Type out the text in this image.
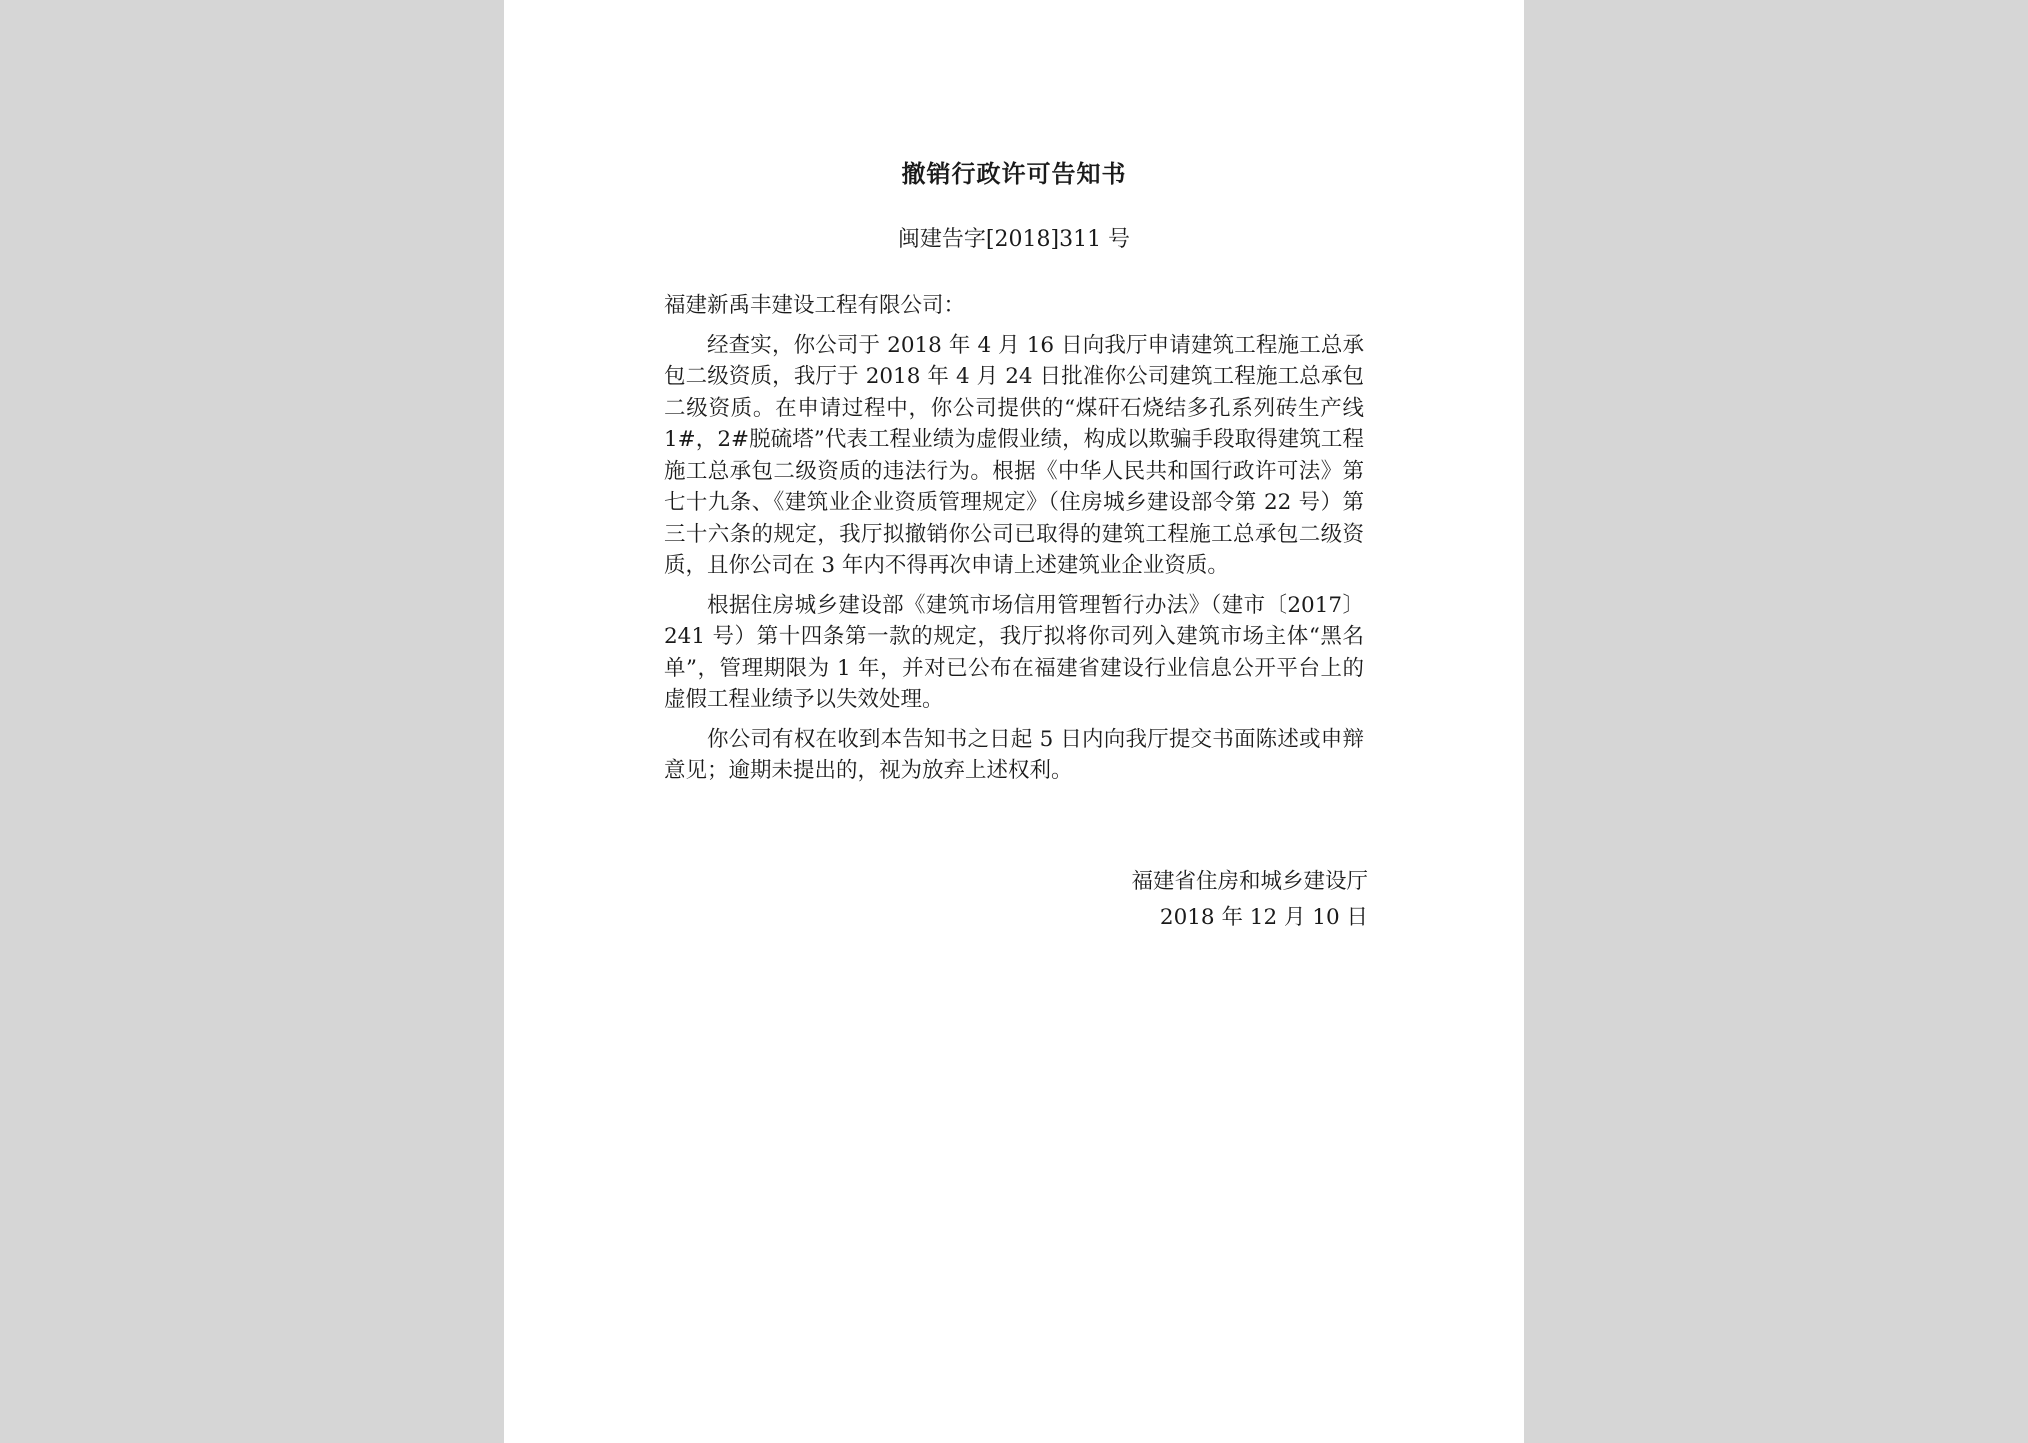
撤销行政许可告知书
闽建告字[2018]311 号

福建新禹丰建设工程有限公司：

经查实，你公司于 2018 年 4 月 16 日向我厅申请建筑工程施工总承包二级资质，我厅于 2018 年 4 月 24 日批准你公司建筑工程施工总承包二级资质。在申请过程中，你公司提供的“煤矸石烧结多孔系列砖生产线 1#，2#脱硫塔”代表工程业绩为虚假业绩，构成以欺骗手段取得建筑工程施工总承包二级资质的违法行为。根据《中华人民共和国行政许可法》第七十九条、《建筑业企业资质管理规定》（住房城乡建设部令第 22 号）第三十六条的规定，我厅拟撤销你公司已取得的建筑工程施工总承包二级资质，且你公司在 3 年内不得再次申请上述建筑业企业资质。

根据住房城乡建设部《建筑市场信用管理暂行办法》（建市〔2017〕241 号）第十四条第一款的规定，我厅拟将你司列入建筑市场主体“黑名单”，管理期限为 1 年，并对已公布在福建省建设行业信息公开平台上的虚假工程业绩予以失效处理。

你公司有权在收到本告知书之日起 5 日内向我厅提交书面陈述或申辩意见；逾期未提出的，视为放弃上述权利。

福建省住房和城乡建设厅
2018 年 12 月 10 日
